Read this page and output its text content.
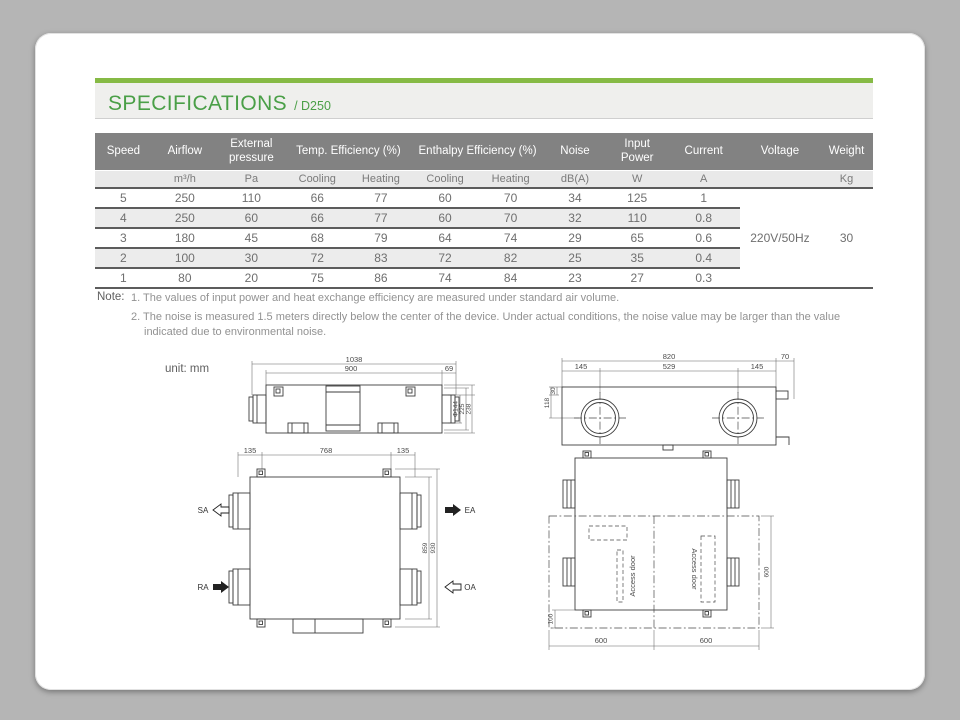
SPECIFICATIONS / D250
Speed	Airflow	External pressure	Temp. Efficiency (%)		Enthalpy Efficiency (%)		Noise	Input Power	Current	Voltage	Weight
	m³/h	Pa	Cooling	Heating	Cooling	Heating	dB(A)	W	A		Kg
5	250	110	66	77	60	70	34	125	1	220V/50Hz	30
4	250	60	66	77	60	70	32	110	0.8		
3	180	45	68	79	64	74	29	65	0.6		
2	100	30	72	83	72	82	25	35	0.4		
1	80	20	75	86	74	84	23	27	0.3		
Note: 1. The values of input power and heat exchange efficiency are measured under standard air volume.
2. The noise is measured 1.5 meters directly below the center of the device. Under actual conditions, the noise value may be larger than the value indicated due to environmental noise.
unit: mm
1038
900	69
Φ144 225 238
820	70
145	529	145
30
118
135	768	135
859 930
SA
RA
EA
OA	Access door	Access door	600
100
600	600
